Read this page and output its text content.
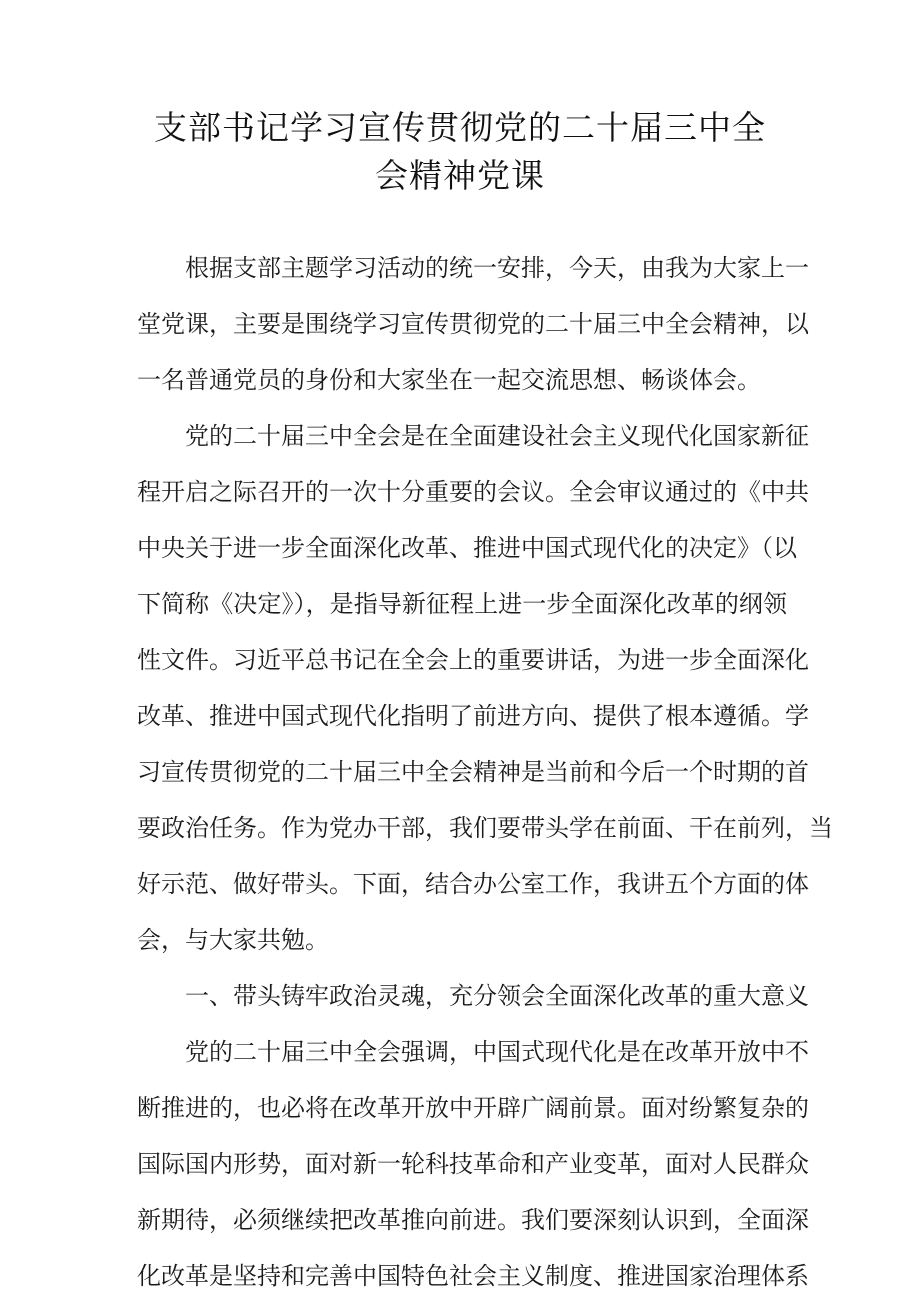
支部书记学习宣传贯彻党的二十届三中全
会精神党课
根据支部主题学习活动的统一安排，今天，由我为大家上一
堂党课，主要是围绕学习宣传贯彻党的二十届三中全会精神，以
一名普通党员的身份和大家坐在一起交流思想、畅谈体会。
党的二十届三中全会是在全面建设社会主义现代化国家新征
程开启之际召开的一次十分重要的会议。全会审议通过的《中共
中央关于进一步全面深化改革、推进中国式现代化的决定》（以
下简称《决定》），是指导新征程上进一步全面深化改革的纲领
性文件。习近平总书记在全会上的重要讲话，为进一步全面深化
改革、推进中国式现代化指明了前进方向、提供了根本遵循。学
习宣传贯彻党的二十届三中全会精神是当前和今后一个时期的首
要政治任务。作为党办干部，我们要带头学在前面、干在前列，当
好示范、做好带头。下面，结合办公室工作，我讲五个方面的体
会，与大家共勉。
一、带头铸牢政治灵魂，充分领会全面深化改革的重大意义
党的二十届三中全会强调，中国式现代化是在改革开放中不
断推进的，也必将在改革开放中开辟广阔前景。面对纷繁复杂的
国际国内形势，面对新一轮科技革命和产业变革，面对人民群众
新期待，必须继续把改革推向前进。我们要深刻认识到，全面深
化改革是坚持和完善中国特色社会主义制度、推进国家治理体系
